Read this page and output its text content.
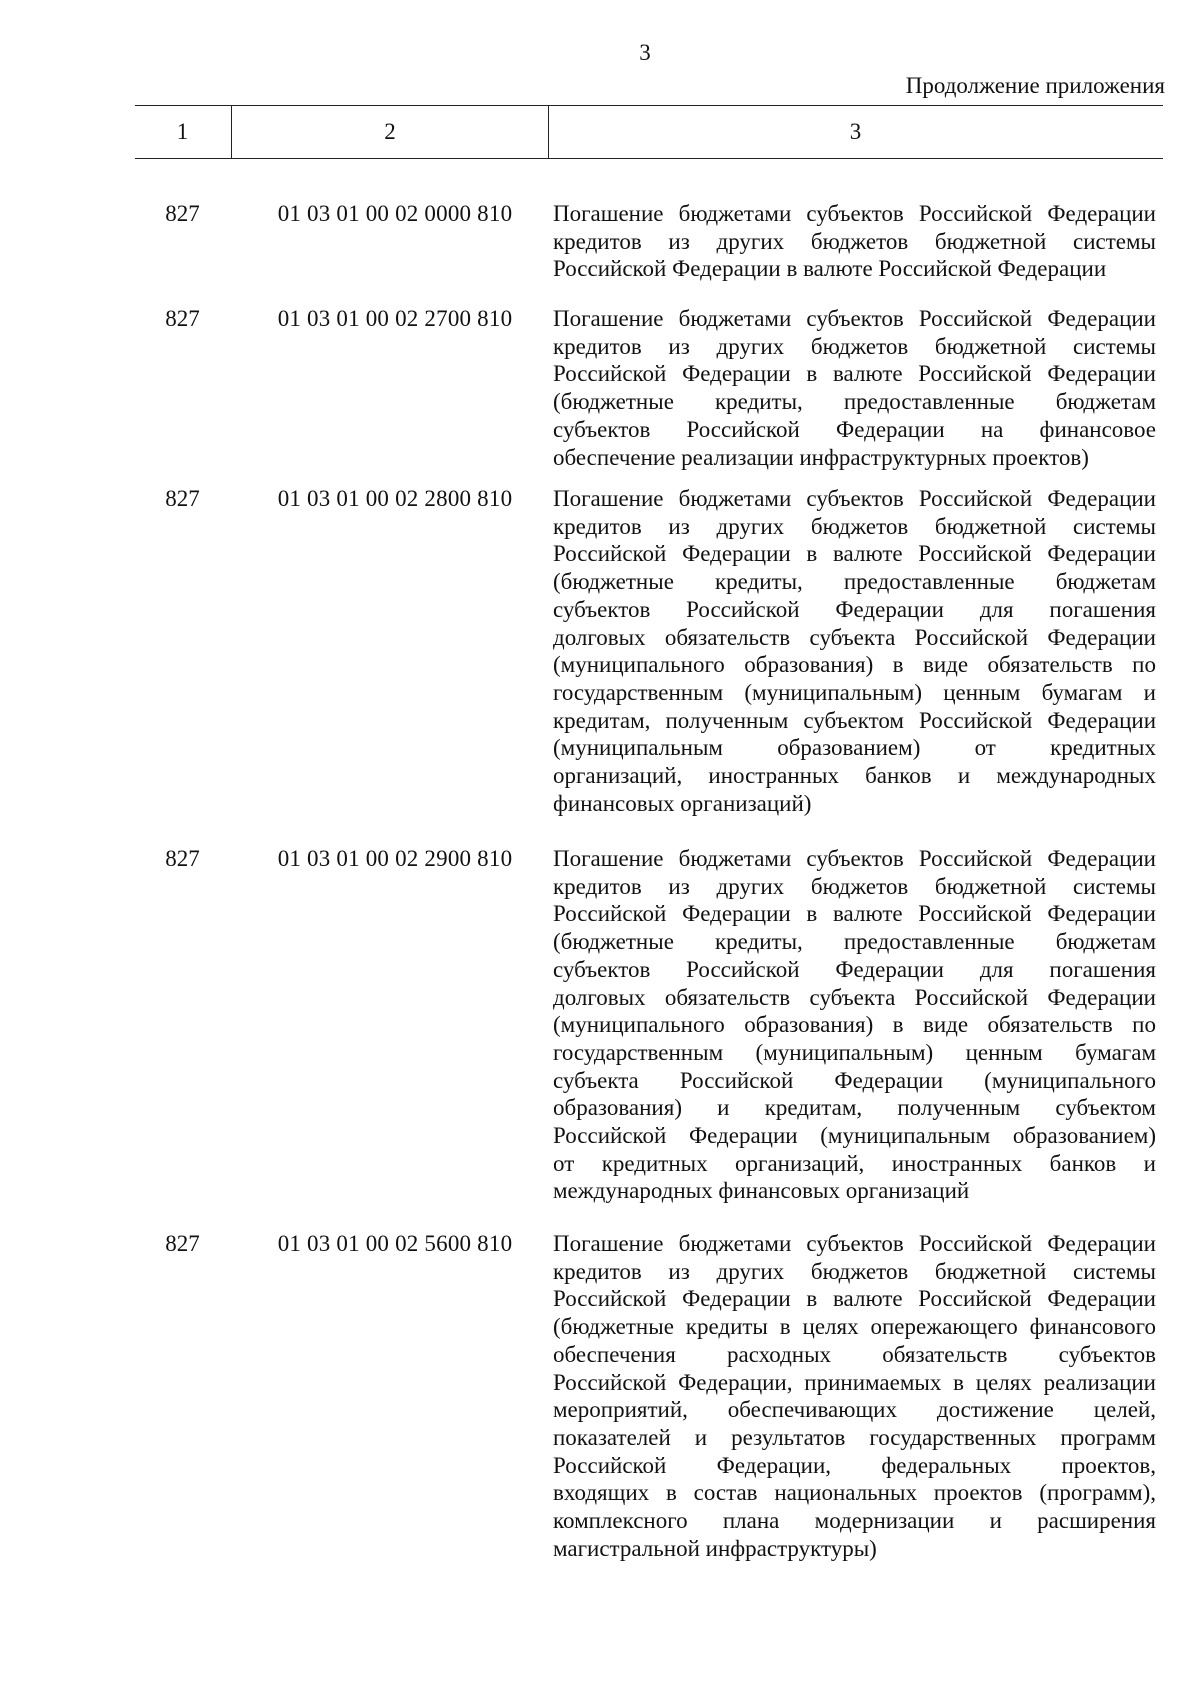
3
Продолжение приложения
1	2	3
827	01 03 01 00 02 0000 810	Погашение бюджетами субъектов Российской Федерации
кредитов из других бюджетов бюджетной системы
Российской Федерации в валюте Российской Федерации
827	01 03 01 00 02 2700 810	Погашение бюджетами субъектов Российской Федерации
кредитов из других бюджетов бюджетной системы
Российской Федерации в валюте Российской Федерации
(бюджетные кредиты, предоставленные бюджетам
субъектов Российской Федерации на финансовое
обеспечение реализации инфраструктурных проектов)
827	01 03 01 00 02 2800 810	Погашение бюджетами субъектов Российской Федерации
кредитов из других бюджетов бюджетной системы
Российской Федерации в валюте Российской Федерации
(бюджетные кредиты, предоставленные бюджетам
субъектов Российской Федерации для погашения
долговых обязательств субъекта Российской Федерации
(муниципального образования) в виде обязательств по
государственным (муниципальным) ценным бумагам и
кредитам, полученным субъектом Российской Федерации
(муниципальным образованием) от кредитных
организаций, иностранных банков и международных
финансовых организаций)
827	01 03 01 00 02 2900 810	Погашение бюджетами субъектов Российской Федерации
кредитов из других бюджетов бюджетной системы
Российской Федерации в валюте Российской Федерации
(бюджетные кредиты, предоставленные бюджетам
субъектов Российской Федерации для погашения
долговых обязательств субъекта Российской Федерации
(муниципального образования) в виде обязательств по
государственным (муниципальным) ценным бумагам
субъекта Российской Федерации (муниципального
образования) и кредитам, полученным субъектом
Российской Федерации (муниципальным образованием)
от кредитных организаций, иностранных банков и
международных финансовых организаций
827	01 03 01 00 02 5600 810	Погашение бюджетами субъектов Российской Федерации
кредитов из других бюджетов бюджетной системы
Российской Федерации в валюте Российской Федерации
(бюджетные кредиты в целях опережающего финансового
обеспечения расходных обязательств субъектов
Российской Федерации, принимаемых в целях реализации
мероприятий, обеспечивающих достижение целей,
показателей и результатов государственных программ
Российской Федерации, федеральных проектов,
входящих в состав национальных проектов (программ),
комплексного плана модернизации и расширения
магистральной инфраструктуры)
